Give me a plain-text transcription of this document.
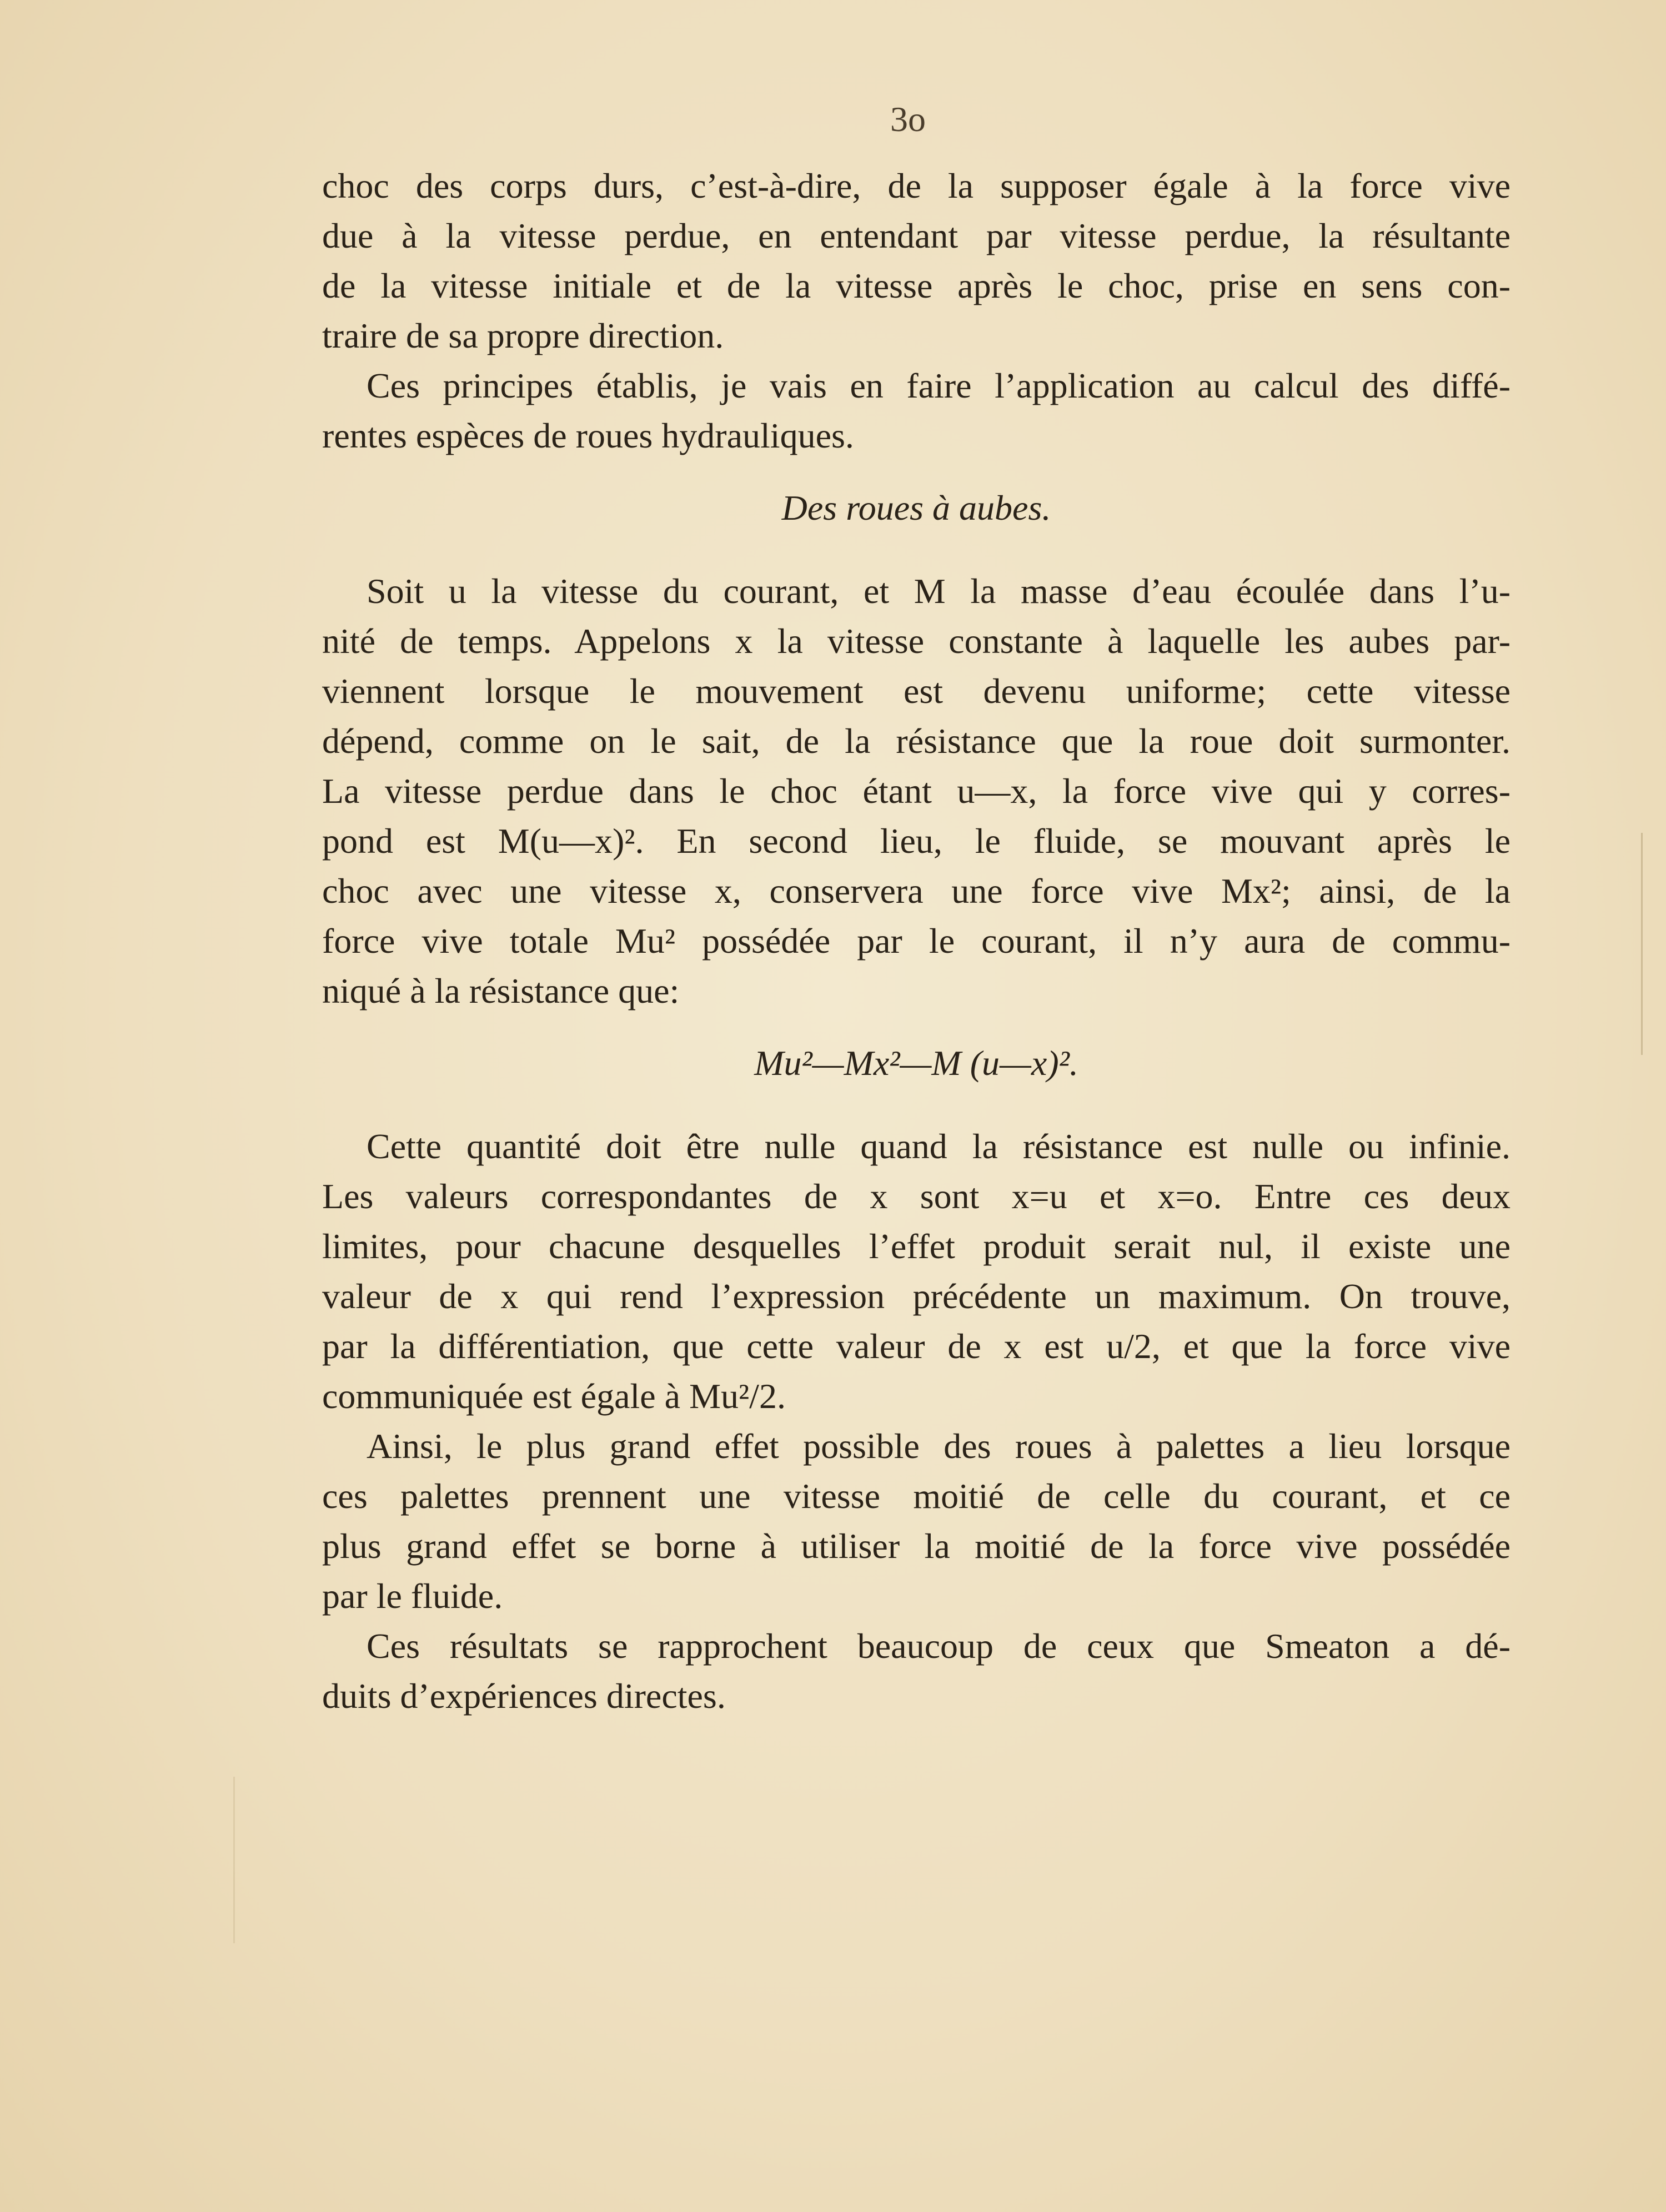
3o
choc des corps durs, c’est-à-dire, de la supposer égale à la force vive
due à la vitesse perdue, en entendant par vitesse perdue, la résultante
de la vitesse initiale et de la vitesse après le choc, prise en sens con-
traire de sa propre direction.
Ces principes établis, je vais en faire l’application au calcul des diffé-
rentes espèces de roues hydrauliques.
Des roues à aubes.
Soit u la vitesse du courant, et M la masse d’eau écoulée dans l’u-
nité de temps. Appelons x la vitesse constante à laquelle les aubes par-
viennent lorsque le mouvement est devenu uniforme; cette vitesse
dépend, comme on le sait, de la résistance que la roue doit surmonter.
La vitesse perdue dans le choc étant u—x, la force vive qui y corres-
pond est M(u—x)². En second lieu, le fluide, se mouvant après le
choc avec une vitesse x, conservera une force vive Mx²; ainsi, de la
force vive totale Mu² possédée par le courant, il n’y aura de commu-
niqué à la résistance que:
Mu²—Mx²—M (u—x)².
Cette quantité doit être nulle quand la résistance est nulle ou infinie.
Les valeurs correspondantes de x sont x=u et x=o. Entre ces deux
limites, pour chacune desquelles l’effet produit serait nul, il existe une
valeur de x qui rend l’expression précédente un maximum. On trouve,
par la différentiation, que cette valeur de x est u/2, et que la force vive
communiquée est égale à Mu²/2.
Ainsi, le plus grand effet possible des roues à palettes a lieu lorsque
ces palettes prennent une vitesse moitié de celle du courant, et ce
plus grand effet se borne à utiliser la moitié de la force vive possédée
par le fluide.
Ces résultats se rapprochent beaucoup de ceux que Smeaton a dé-
duits d’expériences directes.
